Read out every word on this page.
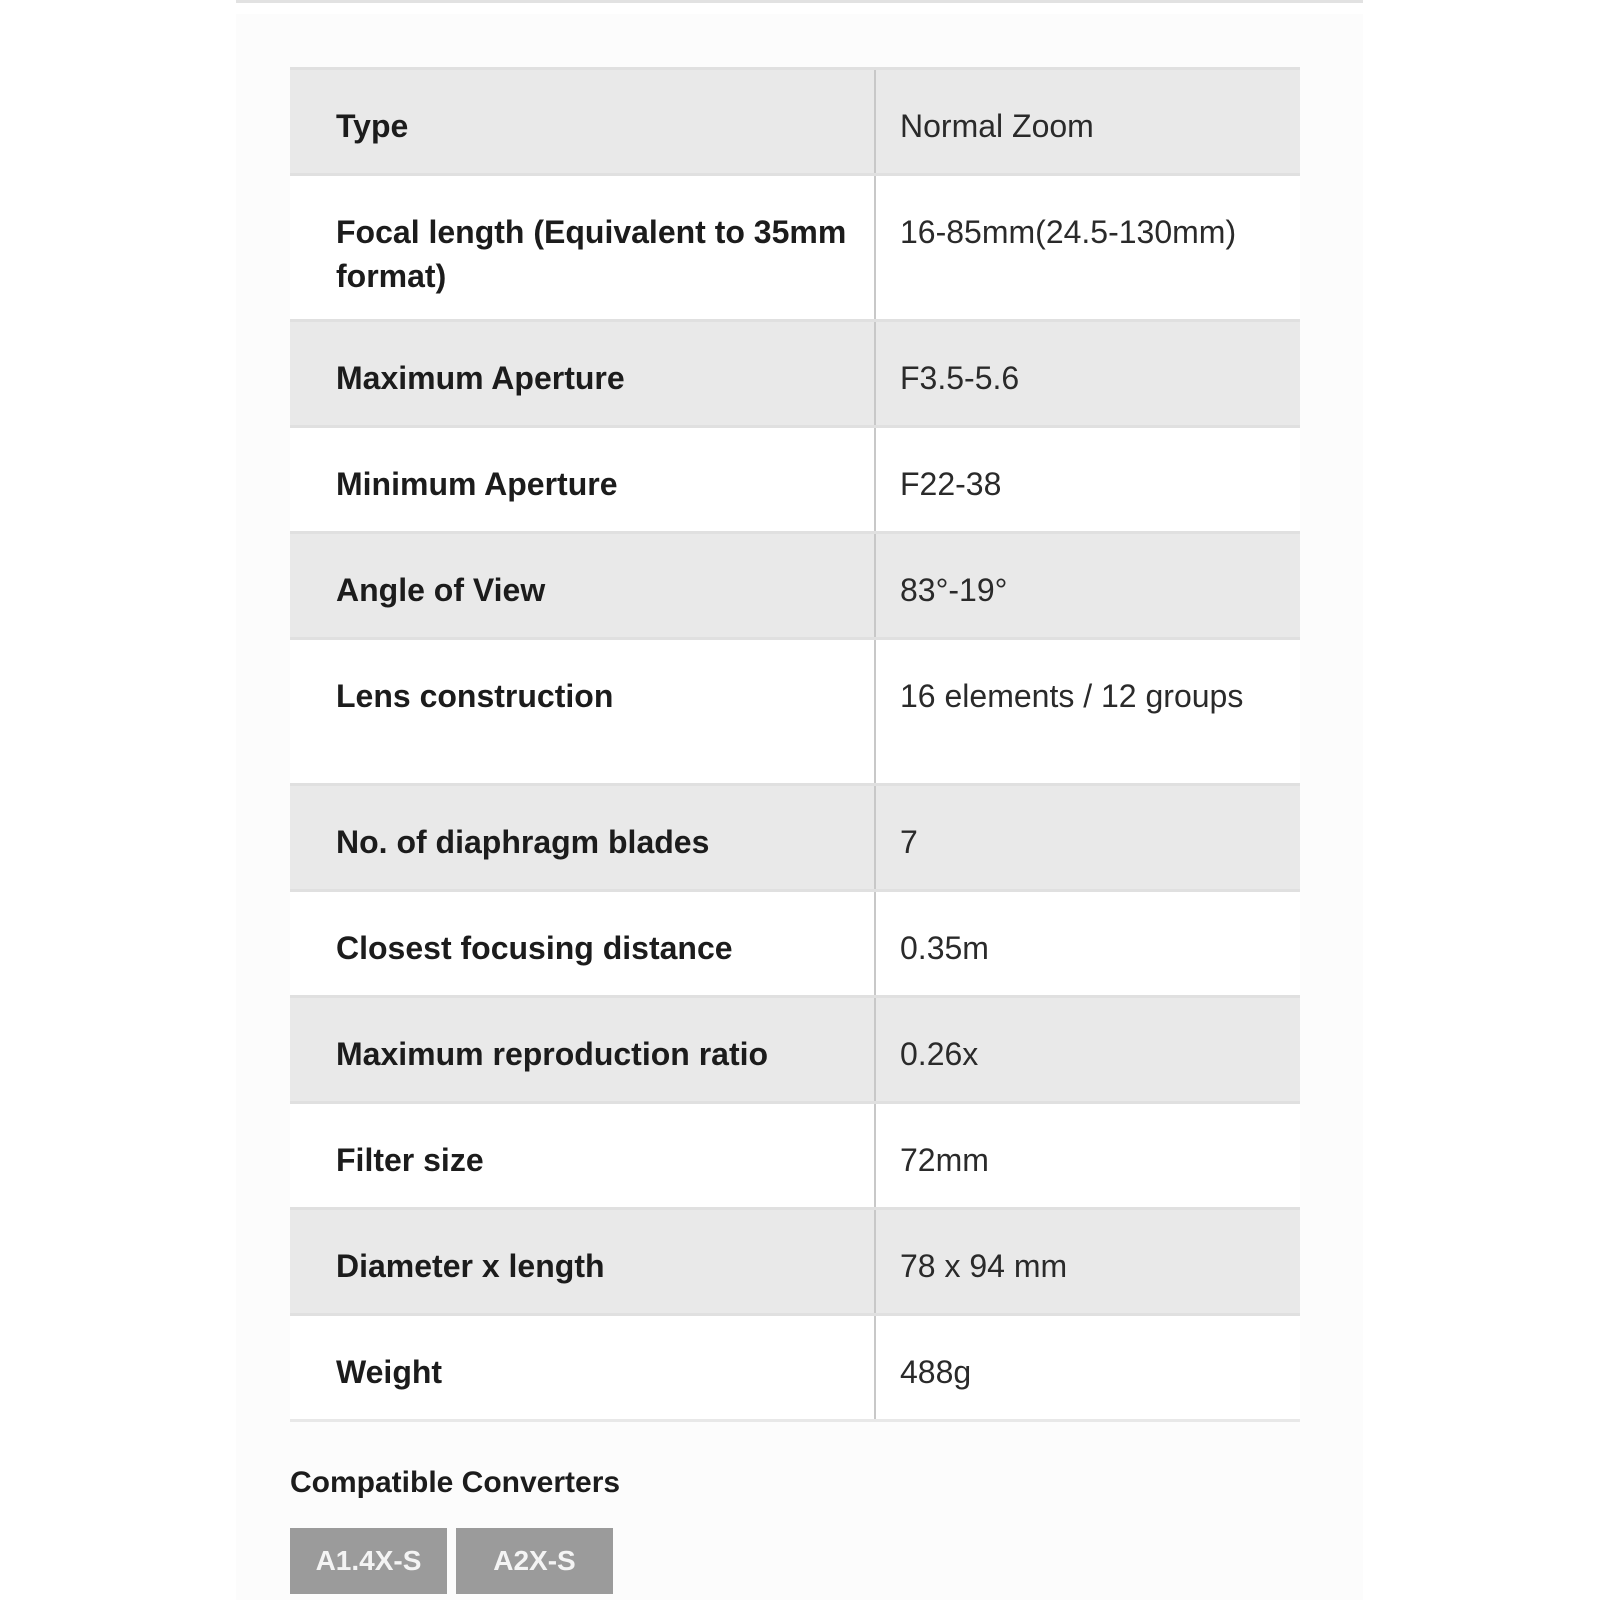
Type	Normal Zoom
Focal length (Equivalent to 35mm format)	16-85mm(24.5-130mm)
Maximum Aperture	F3.5-5.6
Minimum Aperture	F22-38
Angle of View	83°-19°
Lens construction	16 elements / 12 groups
No. of diaphragm blades	7
Closest focusing distance	0.35m
Maximum reproduction ratio	0.26x
Filter size	72mm
Diameter x length	78 x 94 mm
Weight	488g
Compatible Converters
A1.4X-S	A2X-S
